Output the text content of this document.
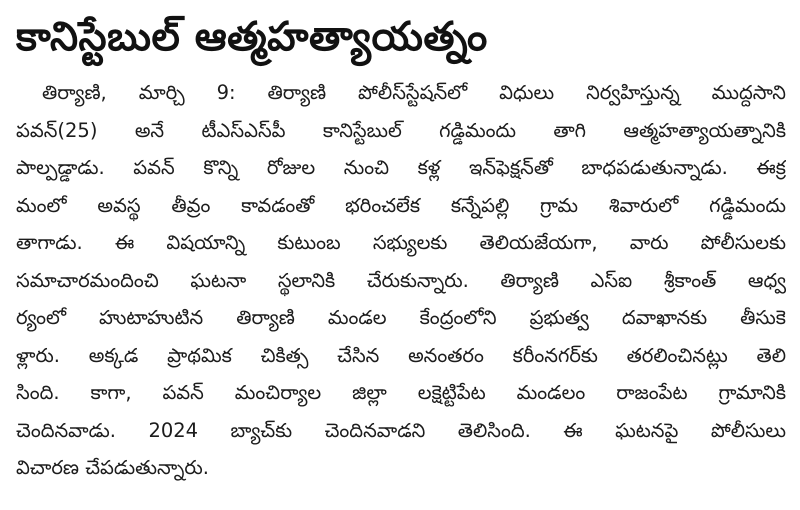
కానిస్టేబుల్ ఆత్మహత్యాయత్నం
తిర్యాణి, మార్చి 9: తిర్యాణి పోలీస్‌స్టేషన్‌లో విధులు నిర్వహిస్తున్న ముద్దసాని
పవన్(25) అనే టీఎస్ఎస్‌పీ కానిస్టేబుల్ గడ్డిమందు తాగి ఆత్మహత్యాయత్నానికి
పాల్పడ్డాడు. పవన్ కొన్ని రోజుల నుంచి కళ్ల ఇన్‌ఫెక్షన్‌తో బాధపడుతున్నాడు. ఈక్ర
మంలో అవస్థ తీవ్రం కావడంతో భరించలేక కన్నేపల్లి గ్రామ శివారులో గడ్డిమందు
తాగాడు. ఈ విషయాన్ని కుటుంబ సభ్యులకు తెలియజేయగా, వారు పోలీసులకు
సమాచారమందించి ఘటనా స్థలానికి చేరుకున్నారు. తిర్యాణి ఎస్ఐ శ్రీకాంత్ ఆధ్వ
ర్యంలో హుటాహుటిన తిర్యాణి మండల కేంద్రంలోని ప్రభుత్వ దవాఖానకు తీసుకె
ళ్లారు. అక్కడ ప్రాథమిక చికిత్స చేసిన అనంతరం కరీంనగర్‌కు తరలించినట్లు తెలి
సింది. కాగా, పవన్ మంచిర్యాల జిల్లా లక్షెట్టిపేట మండలం రాజంపేట గ్రామానికి
చెందినవాడు. 2024 బ్యాచ్‌కు చెందినవాడని తెలిసింది. ఈ ఘటనపై పోలీసులు
విచారణ చేపడుతున్నారు.
